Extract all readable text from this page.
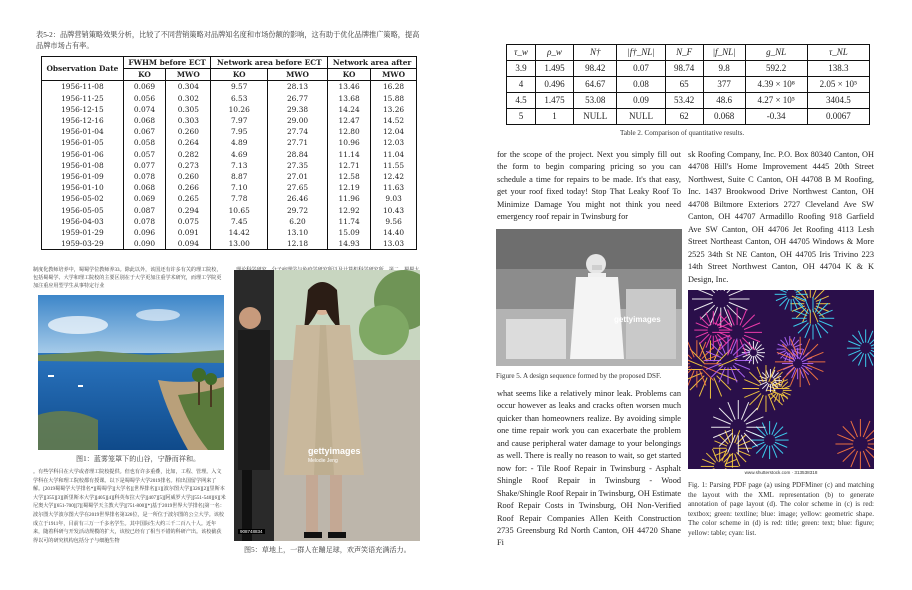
表5-2：品牌营销策略效果分析，比较了不同营销策略对品牌知名度和市场份额的影响，这有助于优化品牌推广策略，提高品牌市场占有率。
制度化教师培养中，蜀蜀学位教师养33。除此以外，该国还有许多有关的理工院校，包括蜀蜀学、大学和理工院校的主要区别在于大学更加注重学术研究，而理工学院更加注重应用型学生从事特定行业
图1：蓝雾笼罩下的山谷，宁静而祥和。
。有些学科目在大学或者理工院校提供。但也有许多重叠，比如，工程、管理。入文学科在大学和理工院校都有授课。以下是蜀蜀学大学2019排名。柏出国留学网来了解。[2019蜀蜀学大学排名*][蜀蜀学][大学名][世界排名][1][波尔图大学][326][2][里斯本大学][355][3][新里斯本大学][405][4][科英布拉大学][407][5][阿威罗大学][551-540][6][米尼奥大学][651-700][7][蜀蜀学天主教大学][751-800][*]基于2019世界大学排名]第一名：波尔图大学波尔图大学在2019世界排名第326位，是一所位于波尔图的公立大学。该校成立于1911年，目前有三万一千多名学生。其中国际生大约三千二百八十人。近年来，随着科研与开发活动规模的扩大，该校已经有了相当不错的科研产出。该校截获得以可的研究机构包括分子与细胞生物
gettyimages
Melodie Jeng
908748834
图5：草地上，一群人在蹦足球，欢声笑语充满活力。
Observation Date	FWHM before ECT		Network area before ECT		Network area after	
	KO	MWO	KO	MWO	KO	MWO
1956-11-08	0.069	0.304	9.57	28.13	13.46	16.28
1956-11-25	0.056	0.302	6.53	26.77	13.68	15.88
1956-12-15	0.074	0.305	10.26	29.38	14.24	13.26
1956-12-16	0.068	0.303	7.97	29.00	12.47	14.52
1956-01-04	0.067	0.260	7.95	27.74	12.80	12.04
1956-01-05	0.058	0.264	4.89	27.71	10.96	12.03
1956-01-06	0.057	0.282	4.69	28.84	11.14	11.04
1956-01-08	0.077	0.273	7.13	27.35	12.71	11.55
1956-01-09	0.078	0.260	8.87	27.01	12.58	12.42
1956-01-10	0.068	0.266	7.10	27.65	12.19	11.63
1956-05-02	0.069	0.265	7.78	26.46	11.96	9.03
1956-05-05	0.087	0.294	10.65	29.72	12.92	10.43
1956-04-03	0.078	0.075	7.45	6.20	11.74	9.56
1959-01-29	0.096	0.091	14.42	13.10	15.09	14.40
1959-03-29	0.090	0.094	13.00	12.18	14.93	13.03
Table 2. Comparison of quantitative results.
for the scope of the project. Next you simply fill out the form to begin comparing pricing so you can schedule a time for repairs to be made. It's that easy, get your roof fixed today! Stop That Leaky Roof To Minimize Damage You might not think you need emergency roof repair in Twinsburg for
gettyimages
Figure 5. A design sequence formed by the proposed DSF.
what seems like a relatively minor leak. Problems can occur however as leaks and cracks often worsen much quicker than homeowners realize. By avoiding simple one time repair work you can exacerbate the problem and cause peripheral water damage to your belongings as well. There is really no reason to wait, so get started now for: - Tile Roof Repair in Twinsburg - Asphalt Shingle Roof Repair in Twinsburg - Wood Shake/Shingle Roof Repair in Twinsburg, OH Estimate Roof Repair Costs in Twinsburg, OH Non-Verified Roof Repair Companies Allen Keith Construction 2735 Greensburg Rd North Canton, OH 44720 Shane Fi
sk Roofing Company, Inc. P.O. Box 80340 Canton, OH 44708 Hill's Home Improvement 4445 20th Street Northwest, Suite C Canton, OH 44708 B M Roofing, Inc. 1437 Brookwood Drive Northwest Canton, OH 44708 Biltmore Exteriors 2727 Cleveland Ave SW Canton, OH 44707 Armadillo Roofing 918 Garfield Ave SW Canton, OH 44706 Jet Roofing 4113 Lesh Street Northeast Canton, OH 44705 Windows & More 2525 34th St NE Canton, OH 44705 Iris Trivino 223 14th Street Northwest Canton, OH 44704 K & K Design, Inc.
www.shutterstock.com · 313538318
Fig. 1: Parsing PDF page (a) using PDFMiner (c) and matching the layout with the XML representation (b) to generate annotation of page layout (d). The color scheme in (c) is red: textbox; green: textline; blue: image; yellow: geometric shape. The color scheme in (d) is red: title; green: text; blue: figure; yellow: table; cyan: list.
τ_w	ρ_w	N†	|f†_NL|	N_F	|f_NL|	g_NL	τ_NL
3.9	1.495	98.42	0.07	98.74	9.8	592.2	138.3
4	0.496	64.67	0.08	65	377	4.39 × 10⁸	2.05 × 10⁵
4.5	1.475	53.08	0.09	53.42	48.6	4.27 × 10⁵	3404.5
5	1	NULL	NULL	62	0.068	-0.34	0.0067
